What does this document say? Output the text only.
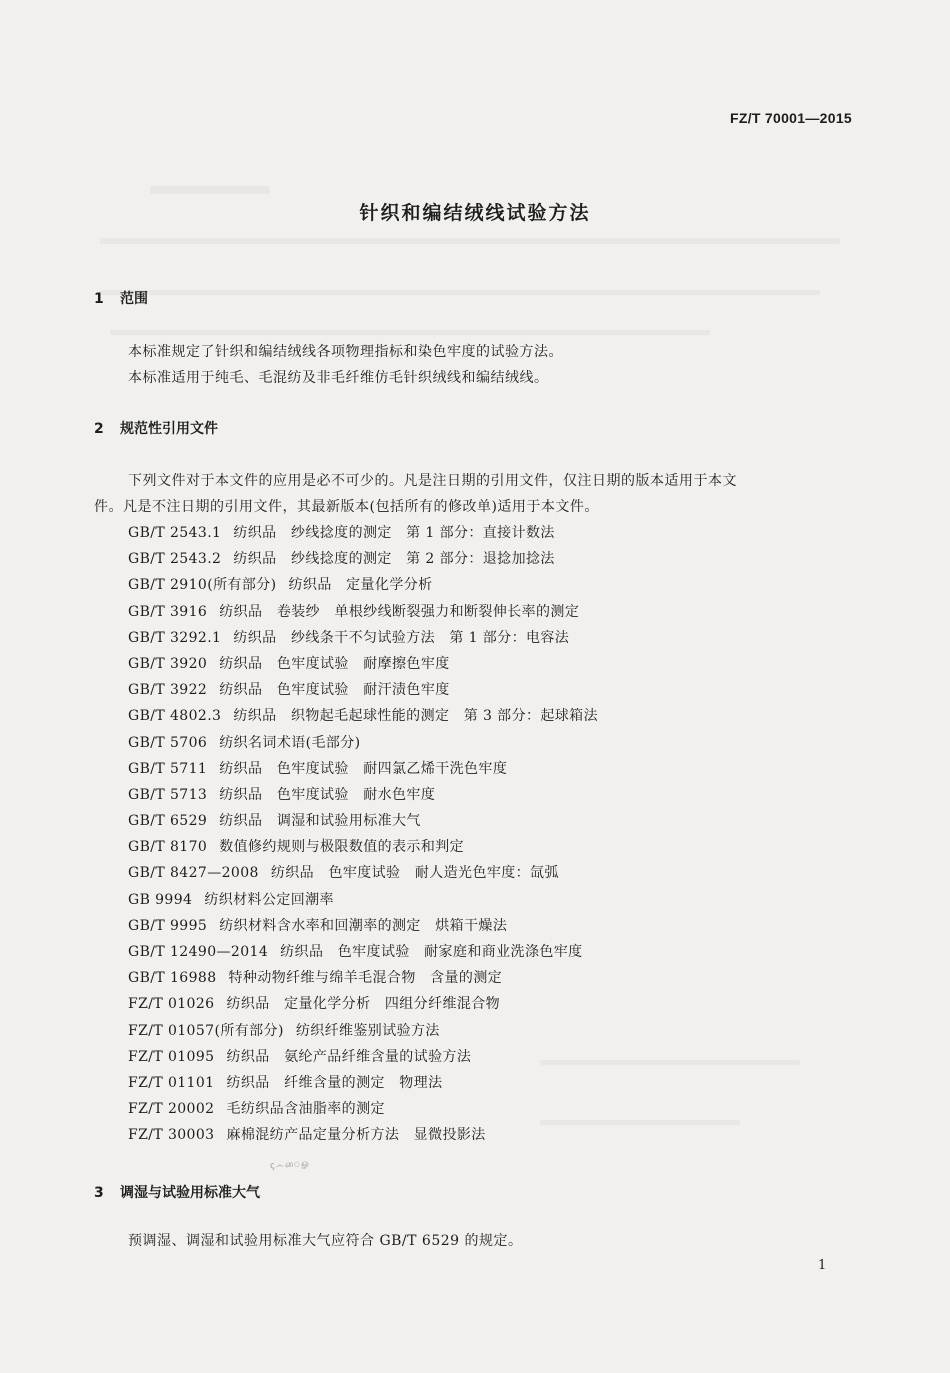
FZ/T 70001—2015
针织和编结绒线试验方法
1 范围
本标准规定了针织和编结绒线各项物理指标和染色牢度的试验方法。
本标准适用于纯毛、毛混纺及非毛纤维仿毛针织绒线和编结绒线。
2 规范性引用文件
下列文件对于本文件的应用是必不可少的。凡是注日期的引用文件，仅注日期的版本适用于本文
件。凡是不注日期的引用文件，其最新版本(包括所有的修改单)适用于本文件。
GB/T 2543.1 纺织品　纱线捻度的测定　第 1 部分：直接计数法
GB/T 2543.2 纺织品　纱线捻度的测定　第 2 部分：退捻加捻法
GB/T 2910(所有部分) 纺织品　定量化学分析
GB/T 3916 纺织品　卷装纱　单根纱线断裂强力和断裂伸长率的测定
GB/T 3292.1 纺织品　纱线条干不匀试验方法　第 1 部分：电容法
GB/T 3920 纺织品　色牢度试验　耐摩擦色牢度
GB/T 3922 纺织品　色牢度试验　耐汗渍色牢度
GB/T 4802.3 纺织品　织物起毛起球性能的测定　第 3 部分：起球箱法
GB/T 5706 纺织名词术语(毛部分)
GB/T 5711 纺织品　色牢度试验　耐四氯乙烯干洗色牢度
GB/T 5713 纺织品　色牢度试验　耐水色牢度
GB/T 6529 纺织品　调湿和试验用标准大气
GB/T 8170 数值修约规则与极限数值的表示和判定
GB/T 8427—2008 纺织品　色牢度试验　耐人造光色牢度：氙弧
GB 9994 纺织材料公定回潮率
GB/T 9995 纺织材料含水率和回潮率的测定　烘箱干燥法
GB/T 12490—2014 纺织品　色牢度试验　耐家庭和商业洗涤色牢度
GB/T 16988 特种动物纤维与绵羊毛混合物　含量的测定
FZ/T 01026 纺织品　定量化学分析　四组分纤维混合物
FZ/T 01057(所有部分) 纺织纤维鉴别试验方法
FZ/T 01095 纺织品　氨纶产品纤维含量的试验方法
FZ/T 01101 纺织品　纤维含量的测定　物理法
FZ/T 20002 毛纺织品含油脂率的测定
FZ/T 30003 麻棉混纺产品定量分析方法　显微投影法
ꞔ෴ைௐ
3 调湿与试验用标准大气
预调湿、调湿和试验用标准大气应符合 GB/T 6529 的规定。
1
